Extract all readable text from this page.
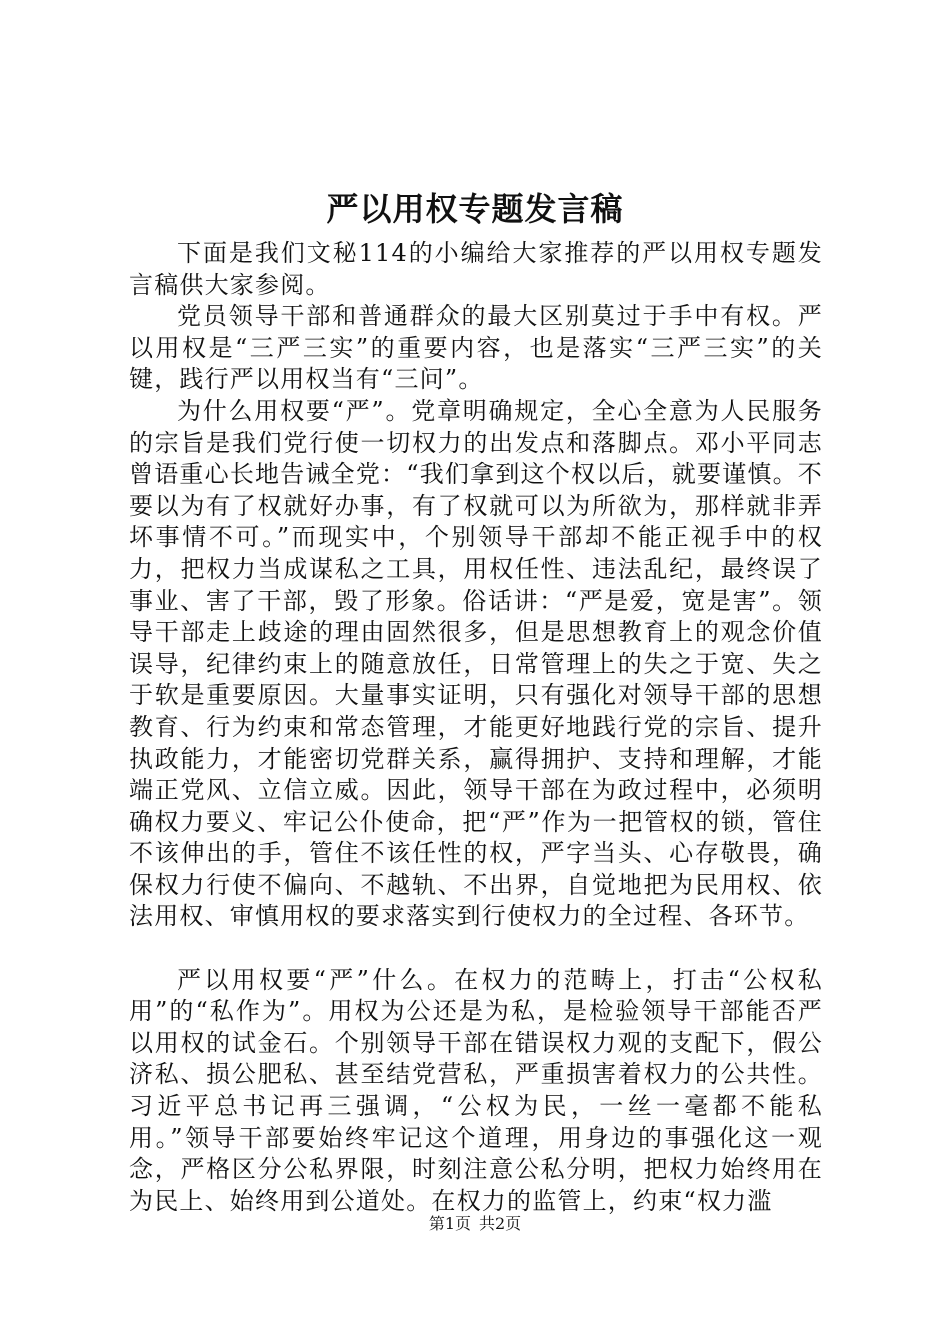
严以用权专题发言稿

下面是我们文秘114的小编给大家推荐的严以用权专题发言稿供大家参阅。

党员领导干部和普通群众的最大区别莫过于手中有权。严以用权是“三严三实”的重要内容，也是落实“三严三实”的关键，践行严以用权当有“三问”。

为什么用权要“严”。党章明确规定，全心全意为人民服务的宗旨是我们党行使一切权力的出发点和落脚点。邓小平同志曾语重心长地告诫全党：“我们拿到这个权以后，就要谨慎。不要以为有了权就好办事，有了权就可以为所欲为，那样就非弄坏事情不可。”而现实中，个别领导干部却不能正视手中的权力，把权力当成谋私之工具，用权任性、违法乱纪，最终误了事业、害了干部，毁了形象。俗话讲：“严是爱，宽是害”。领导干部走上歧途的理由固然很多，但是思想教育上的观念价值误导，纪律约束上的随意放任，日常管理上的失之于宽、失之于软是重要原因。大量事实证明，只有强化对领导干部的思想教育、行为约束和常态管理，才能更好地践行党的宗旨、提升执政能力，才能密切党群关系，赢得拥护、支持和理解，才能端正党风、立信立威。因此，领导干部在为政过程中，必须明确权力要义、牢记公仆使命，把“严”作为一把管权的锁，管住不该伸出的手，管住不该任性的权，严字当头、心存敬畏，确保权力行使不偏向、不越轨、不出界，自觉地把为民用权、依法用权、审慎用权的要求落实到行使权力的全过程、各环节。

严以用权要“严”什么。在权力的范畴上，打击“公权私用”的“私作为”。用权为公还是为私，是检验领导干部能否严以用权的试金石。个别领导干部在错误权力观的支配下，假公济私、损公肥私、甚至结党营私，严重损害着权力的公共性。习近平总书记再三强调，“公权为民，一丝一毫都不能私用。”领导干部要始终牢记这个道理，用身边的事强化这一观念，严格区分公私界限，时刻注意公私分明，把权力始终用在为民上、始终用到公道处。在权力的监管上，约束“权力滥

第1页 共2页
